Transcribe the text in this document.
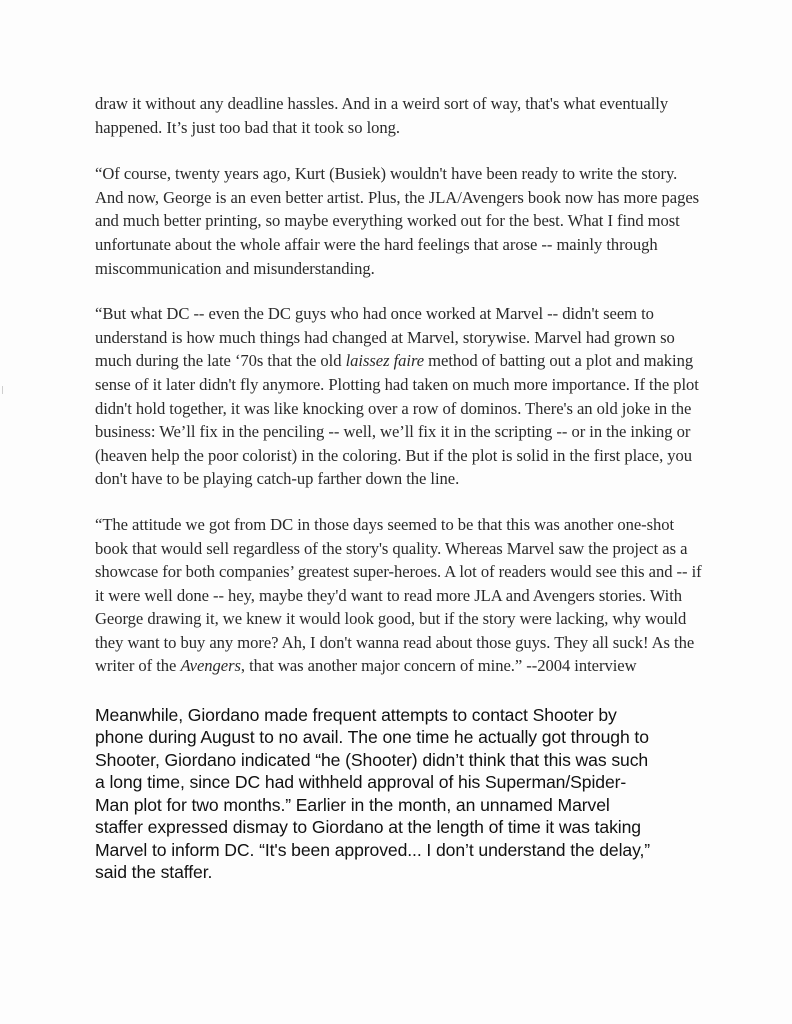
draw it without any deadline hassles. And in a weird sort of way, that's what eventually happened. It’s just too bad that it took so long.

“Of course, twenty years ago, Kurt (Busiek) wouldn't have been ready to write the story. And now, George is an even better artist. Plus, the JLA/Avengers book now has more pages and much better printing, so maybe everything worked out for the best. What I find most unfortunate about the whole affair were the hard feelings that arose -- mainly through miscommunication and misunderstanding.

“But what DC -- even the DC guys who had once worked at Marvel -- didn't seem to understand is how much things had changed at Marvel, storywise. Marvel had grown so much during the late ‘70s that the old laissez faire method of batting out a plot and making sense of it later didn't fly anymore. Plotting had taken on much more importance. If the plot didn't hold together, it was like knocking over a row of dominos. There's an old joke in the business: We’ll fix in the penciling -- well, we’ll fix it in the scripting -- or in the inking or (heaven help the poor colorist) in the coloring. But if the plot is solid in the first place, you don't have to be playing catch-up farther down the line.

“The attitude we got from DC in those days seemed to be that this was another one-shot book that would sell regardless of the story's quality. Whereas Marvel saw the project as a showcase for both companies’ greatest super-heroes. A lot of readers would see this and -- if it were well done -- hey, maybe they'd want to read more JLA and Avengers stories. With George drawing it, we knew it would look good, but if the story were lacking, why would they want to buy any more? Ah, I don't wanna read about those guys. They all suck! As the writer of the Avengers, that was another major concern of mine.” --2004 interview

Meanwhile, Giordano made frequent attempts to contact Shooter by phone during August to no avail. The one time he actually got through to Shooter, Giordano indicated “he (Shooter) didn’t think that this was such a long time, since DC had withheld approval of his Superman/Spider-Man plot for two months.” Earlier in the month, an unnamed Marvel staffer expressed dismay to Giordano at the length of time it was taking Marvel to inform DC. “It's been approved... I don’t understand the delay,” said the staffer.
